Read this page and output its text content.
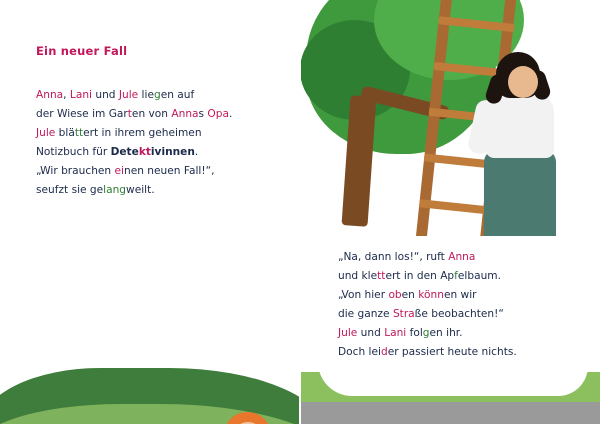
Ein neuer Fall
Anna, Lani und Jule liegen auf
der Wiese im Garten von Annas Opa.
Jule blättert in ihrem geheimen
Notizbuch für Detektivinnen.
„Wir brauchen einen neuen Fall!“,
seufzt sie gelangweilt.
„Na, dann los!“, ruft Anna
und klettert in den Apfelbaum.
„Von hier oben können wir
die ganze Straße beobachten!“
Jule und Lani folgen ihr.
Doch leider passiert heute nichts.
